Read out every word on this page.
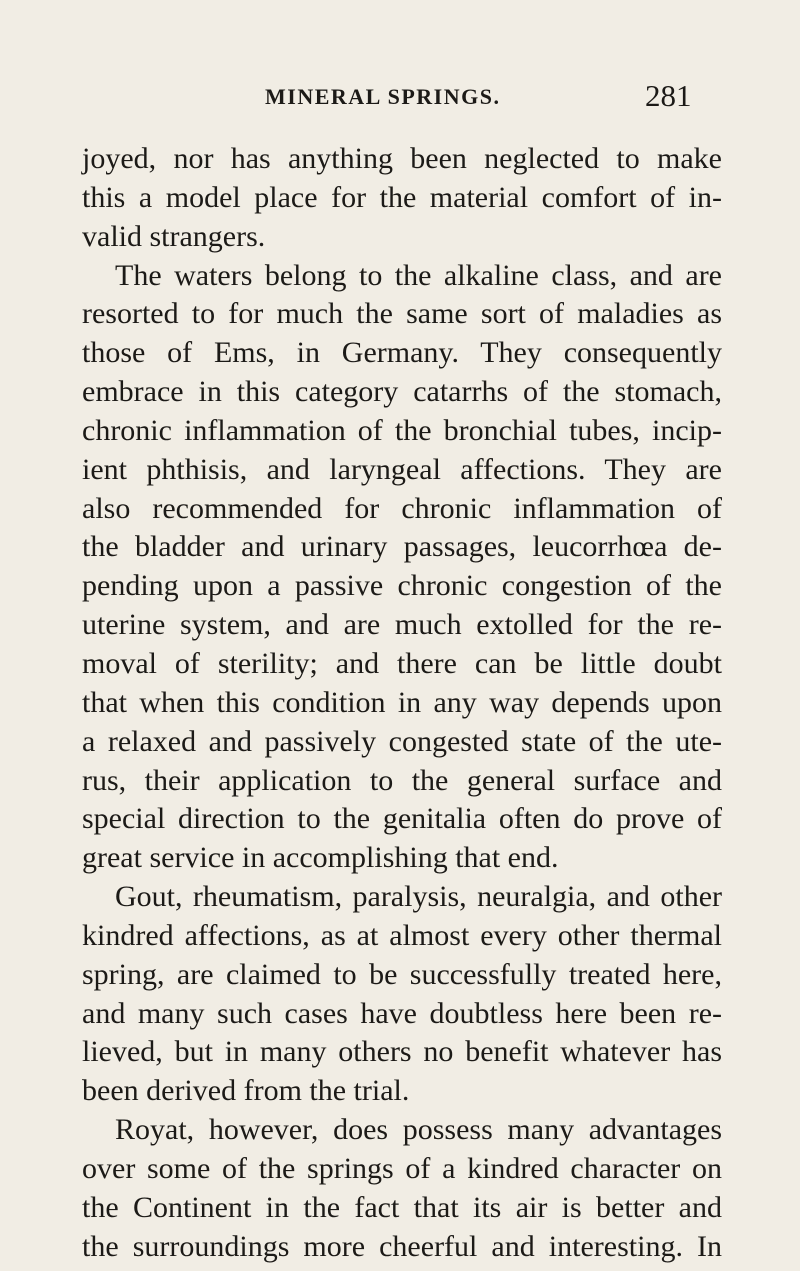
MINERAL SPRINGS.	281
joyed, nor has anything been neglected to make
this a model place for the material comfort of in-
valid strangers.
The waters belong to the alkaline class, and are
resorted to for much the same sort of maladies as
those of Ems, in Germany. They consequently
embrace in this category catarrhs of the stomach,
chronic inflammation of the bronchial tubes, incip-
ient phthisis, and laryngeal affections. They are
also recommended for chronic inflammation of
the bladder and urinary passages, leucorrhœa de-
pending upon a passive chronic congestion of the
uterine system, and are much extolled for the re-
moval of sterility; and there can be little doubt
that when this condition in any way depends upon
a relaxed and passively congested state of the ute-
rus, their application to the general surface and
special direction to the genitalia often do prove of
great service in accomplishing that end.
Gout, rheumatism, paralysis, neuralgia, and other
kindred affections, as at almost every other thermal
spring, are claimed to be successfully treated here,
and many such cases have doubtless here been re-
lieved, but in many others no benefit whatever has
been derived from the trial.
Royat, however, does possess many advantages
over some of the springs of a kindred character on
the Continent in the fact that its air is better and
the surroundings more cheerful and interesting. In
